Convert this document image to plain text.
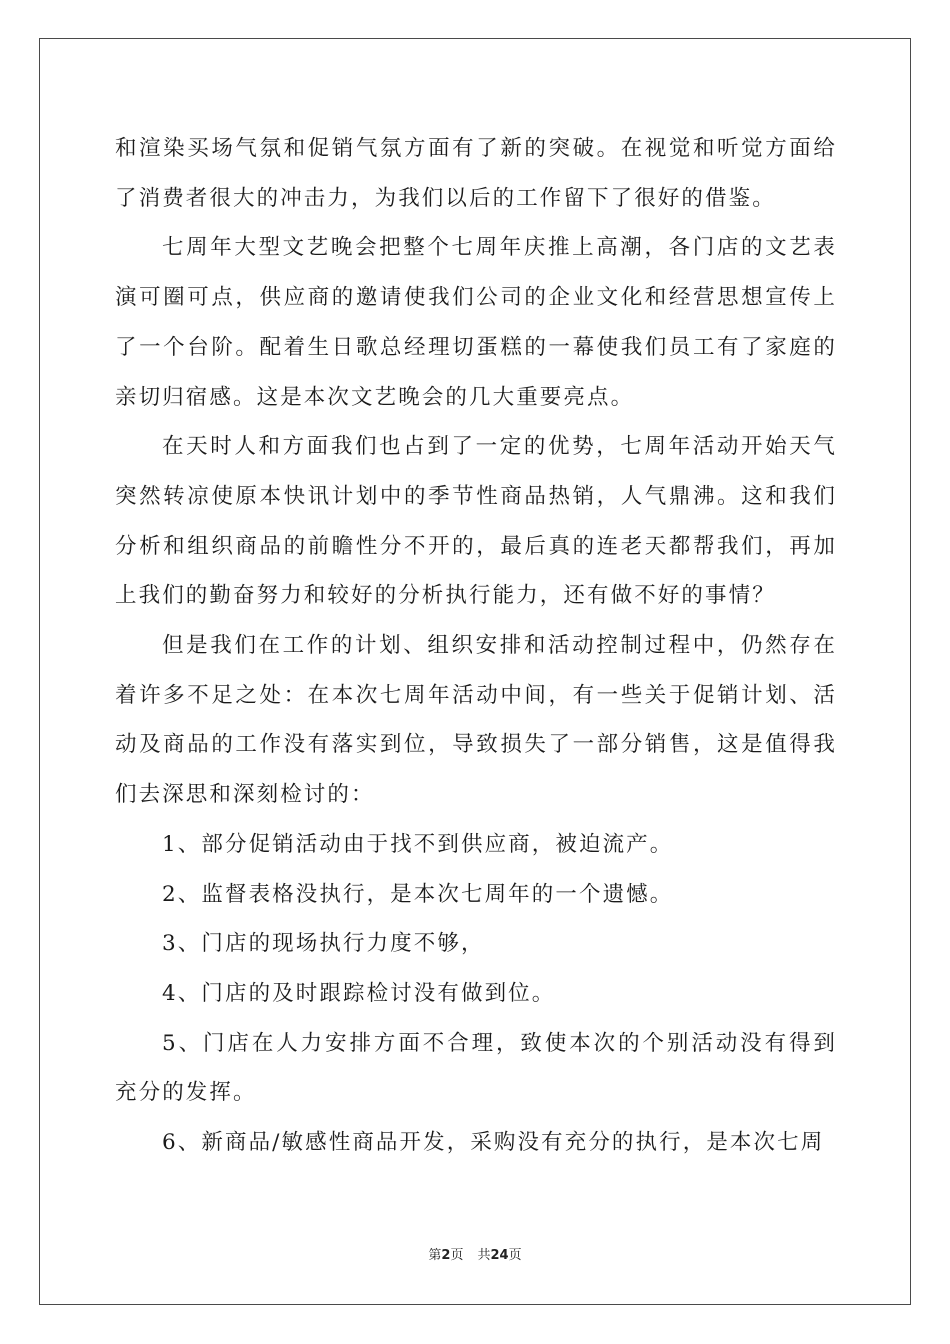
和渲染买场气氛和促销气氛方面有了新的突破。在视觉和听觉方面给了消费者很大的冲击力，为我们以后的工作留下了很好的借鉴。

七周年大型文艺晚会把整个七周年庆推上高潮，各门店的文艺表演可圈可点，供应商的邀请使我们公司的企业文化和经营思想宣传上了一个台阶。配着生日歌总经理切蛋糕的一幕使我们员工有了家庭的亲切归宿感。这是本次文艺晚会的几大重要亮点。

在天时人和方面我们也占到了一定的优势，七周年活动开始天气突然转凉使原本快讯计划中的季节性商品热销，人气鼎沸。这和我们分析和组织商品的前瞻性分不开的，最后真的连老天都帮我们，再加上我们的勤奋努力和较好的分析执行能力，还有做不好的事情？

但是我们在工作的计划、组织安排和活动控制过程中，仍然存在着许多不足之处：在本次七周年活动中间，有一些关于促销计划、活动及商品的工作没有落实到位，导致损失了一部分销售，这是值得我们去深思和深刻检讨的：

1、部分促销活动由于找不到供应商，被迫流产。

2、监督表格没执行，是本次七周年的一个遗憾。

3、门店的现场执行力度不够，

4、门店的及时跟踪检讨没有做到位。

5、门店在人力安排方面不合理，致使本次的个别活动没有得到充分的发挥。

6、新商品/敏感性商品开发，采购没有充分的执行，是本次七周

第2页 共24页
